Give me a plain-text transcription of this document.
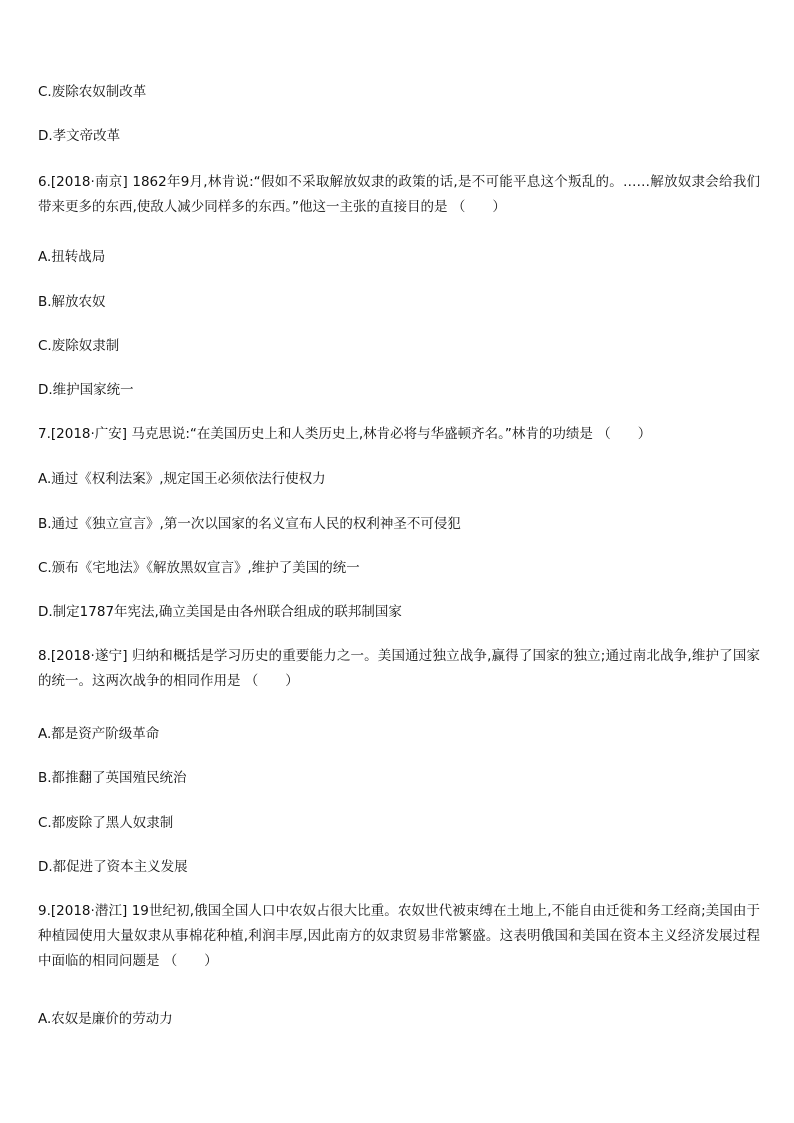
C.废除农奴制改革

D.孝文帝改革

6.[2018·南京] 1862年9月,林肯说:“假如不采取解放奴隶的政策的话,是不可能平息这个叛乱的。……解放奴隶会给我们带来更多的东西,使敌人减少同样多的东西。”他这一主张的直接目的是 （　　）

A.扭转战局

B.解放农奴

C.废除奴隶制

D.维护国家统一

7.[2018·广安] 马克思说:“在美国历史上和人类历史上,林肯必将与华盛顿齐名。”林肯的功绩是 （　　）

A.通过《权利法案》,规定国王必须依法行使权力

B.通过《独立宣言》,第一次以国家的名义宣布人民的权利神圣不可侵犯

C.颁布《宅地法》《解放黑奴宣言》,维护了美国的统一

D.制定1787年宪法,确立美国是由各州联合组成的联邦制国家

8.[2018·遂宁] 归纳和概括是学习历史的重要能力之一。美国通过独立战争,赢得了国家的独立;通过南北战争,维护了国家的统一。这两次战争的相同作用是 （　　）

A.都是资产阶级革命

B.都推翻了英国殖民统治

C.都废除了黑人奴隶制

D.都促进了资本主义发展

9.[2018·潜江] 19世纪初,俄国全国人口中农奴占很大比重。农奴世代被束缚在土地上,不能自由迁徙和务工经商;美国由于种植园使用大量奴隶从事棉花种植,利润丰厚,因此南方的奴隶贸易非常繁盛。这表明俄国和美国在资本主义经济发展过程中面临的相同问题是 （　　）

A.农奴是廉价的劳动力
